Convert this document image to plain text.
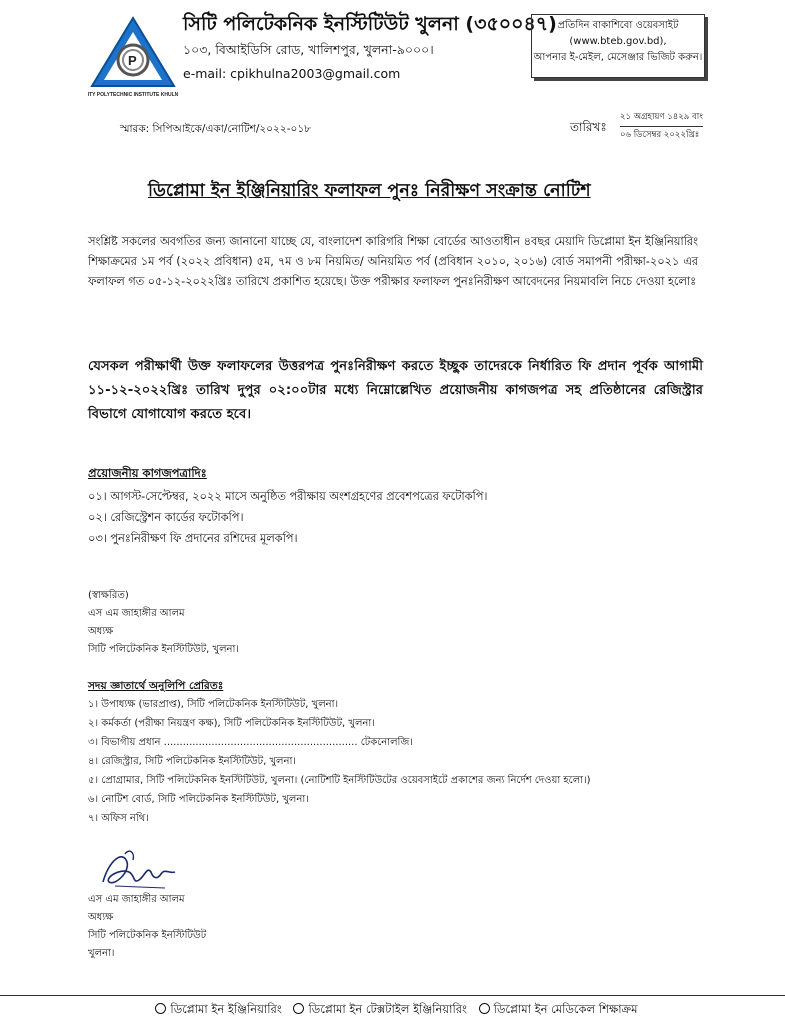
P
CITY POLYTECHNIC INSTITUTE KHULNA
সিটি পলিটেকনিক ইনস্টিটিউট খুলনা (৩৫০০৪৭)
১০৩, বিআইডিসি রোড, খালিশপুর, খুলনা-৯০০০।
e-mail: cpikhulna2003@gmail.com
প্রতিদিন বাকাশিবো ওয়েবসাইট
(www.bteb.gov.bd),
আপনার ই-মেইল, মেসেঞ্জার ভিজিট করুন।
স্মারক: সিপিআইকে/একা/নোটিশ/২০২২-০১৮	তারিখঃ
২১ অগ্রহায়ণ ১৪২৯ বাং
০৬ ডিসেম্বর ২০২২খ্রিঃ
ডিপ্লোমা ইন ইঞ্জিনিয়ারিং ফলাফল পুনঃ নিরীক্ষণ সংক্রান্ত নোটিশ
সংশ্লিষ্ট সকলের অবগতির জন্য জানানো যাচ্ছে যে, বাংলাদেশ কারিগরি শিক্ষা বোর্ডের আওতাধীন ৪বছর মেয়াদি ডিপ্লোমা ইন ইঞ্জিনিয়ারিং শিক্ষাক্রমের ১ম পর্ব (২০২২ প্রবিধান) ৫ম, ৭ম ও ৮ম নিয়মিত/ অনিয়মিত পর্ব (প্রবিধান ২০১০, ২০১৬) বোর্ড সমাপনী পরীক্ষা-২০২১ এর ফলাফল গত ০৫-১২-২০২২খ্রিঃ তারিখে প্রকাশিত হয়েছে। উক্ত পরীক্ষার ফলাফল পুনঃনিরীক্ষণ আবেদনের নিয়মাবলি নিচে দেওয়া হলোঃ
যেসকল পরীক্ষার্থী উক্ত ফলাফলের উত্তরপত্র পুনঃনিরীক্ষণ করতে ইচ্ছুক তাদেরকে নির্ধারিত ফি প্রদান পূর্বক আগামী ১১-১২-২০২২খ্রিঃ তারিখ দুপুর ০২:০০টার মধ্যে নিম্নোল্লেখিত প্রয়োজনীয় কাগজপত্র সহ প্রতিষ্ঠানের রেজিস্ট্রার বিভাগে যোগাযোগ করতে হবে।
প্রয়োজনীয় কাগজপত্রাদিঃ
০১। আগস্ট-সেপ্টেম্বর, ২০২২ মাসে অনুষ্ঠিত পরীক্ষায় অংশগ্রহণের প্রবেশপত্রের ফটোকপি।
০২। রেজিস্ট্রেশন কার্ডের ফটোকপি।
০৩। পুনঃনিরীক্ষণ ফি প্রদানের রশিদের মূলকপি।
(স্বাক্ষরিত)
এস এম জাহাঙ্গীর আলম
অধ্যক্ষ
সিটি পলিটেকনিক ইনস্টিটিউট, খুলনা।
সদয় জ্ঞাতার্থে অনুলিপি প্রেরিতঃ
১। উপাধ্যক্ষ (ভারপ্রাপ্ত), সিটি পলিটেকনিক ইনস্টিটিউট, খুলনা।
২। কর্মকর্তা (পরীক্ষা নিয়ন্ত্রণ কক্ষ), সিটি পলিটেকনিক ইনস্টিটিউট, খুলনা।
৩। বিভাগীয় প্রধান ............................................................. টেকনোলজি।
৪। রেজিস্ট্রার, সিটি পলিটেকনিক ইনস্টিটিউট, খুলনা।
৫। প্রোগ্রামার, সিটি পলিটেকনিক ইনস্টিটিউট, খুলনা। (নোটিশটি ইনস্টিটিউটের ওয়েবসাইটে প্রকাশের জন্য নির্দেশ দেওয়া হলো।)
৬। নোটিশ বোর্ড, সিটি পলিটেকনিক ইনস্টিটিউট, খুলনা।
৭। অফিস নথি।
এস এম জাহাঙ্গীর আলম
অধ্যক্ষ
সিটি পলিটেকনিক ইনস্টিটিউট
খুলনা।
ডিপ্লোমা ইন ইঞ্জিনিয়ারিং ডিপ্লোমা ইন টেক্সটাইল ইঞ্জিনিয়ারিং ডিপ্লোমা ইন মেডিকেল শিক্ষাক্রম
